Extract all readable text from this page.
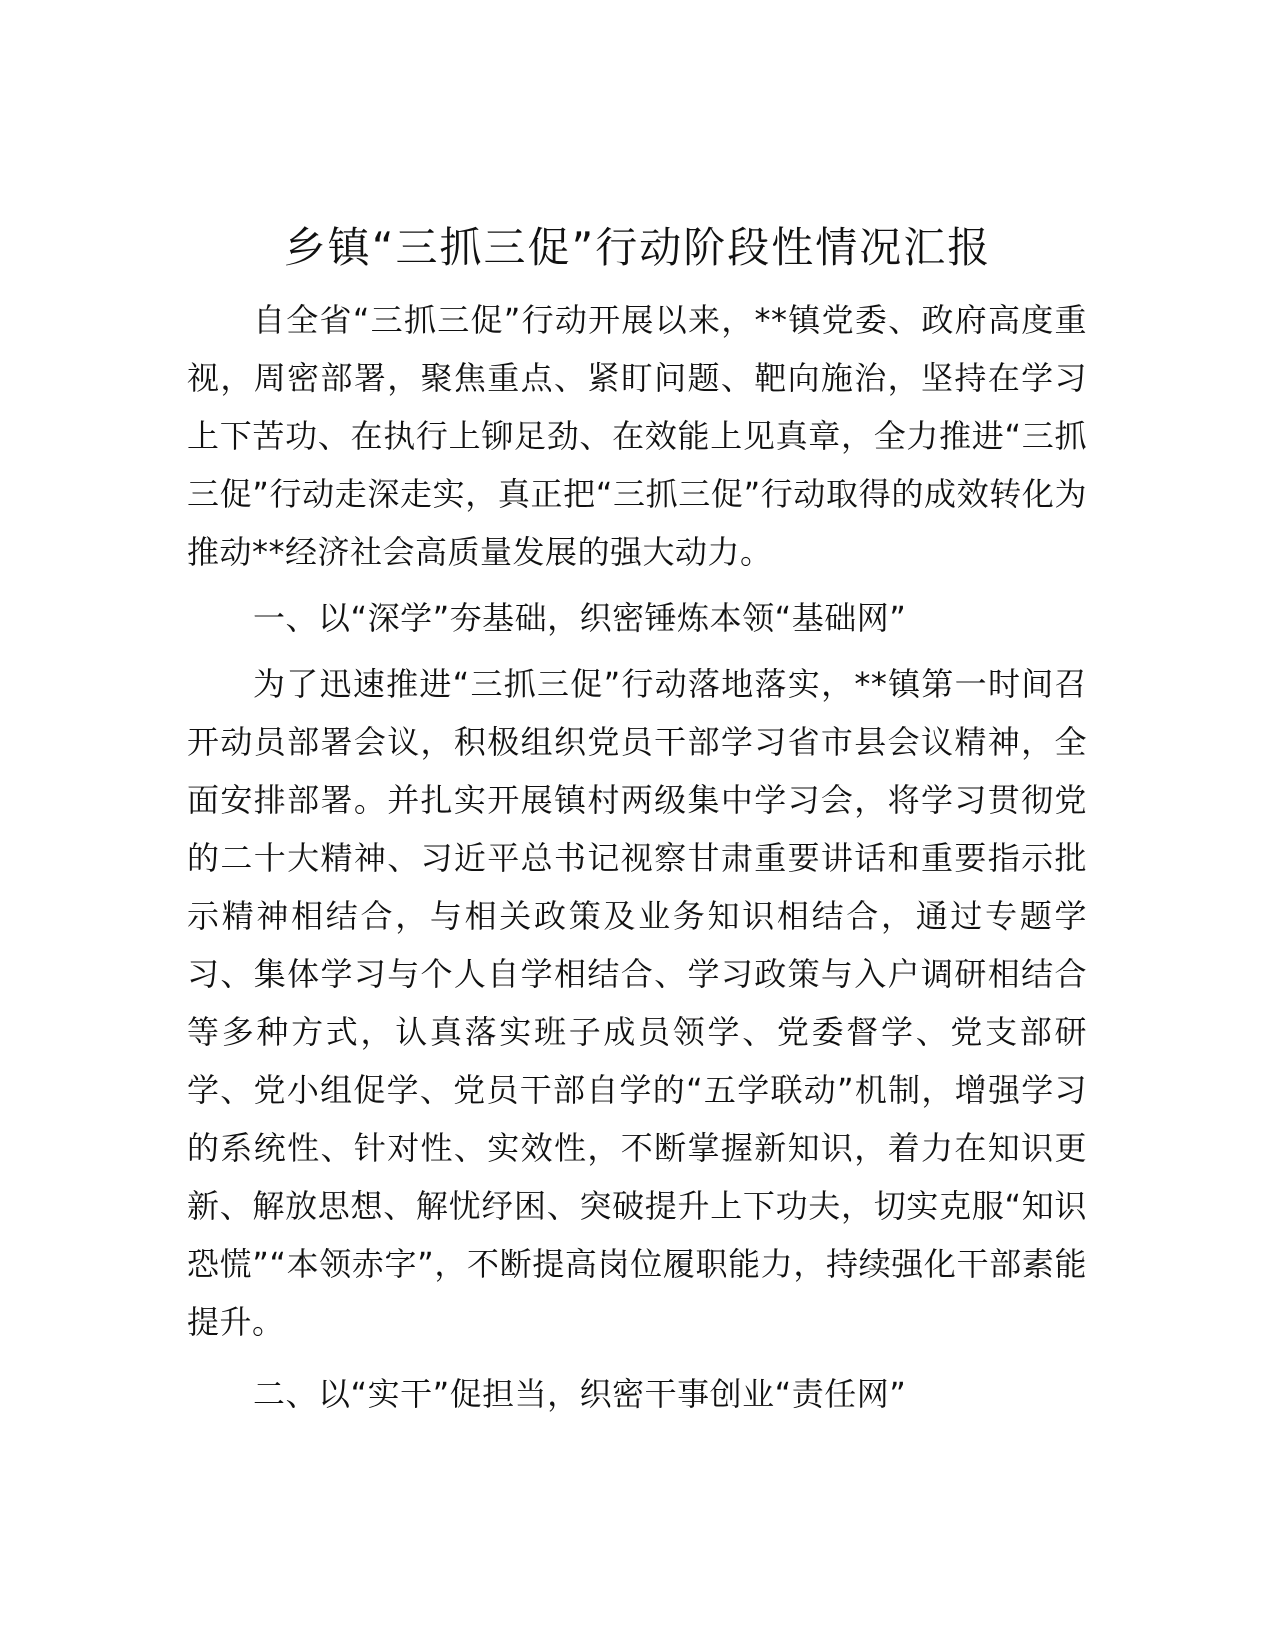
乡镇“三抓三促”行动阶段性情况汇报

自全省“三抓三促”行动开展以来，**镇党委、政府高度重视，周密部署，聚焦重点、紧盯问题、靶向施治，坚持在学习上下苦功、在执行上铆足劲、在效能上见真章，全力推进“三抓三促”行动走深走实，真正把“三抓三促”行动取得的成效转化为推动**经济社会高质量发展的强大动力。

一、以“深学”夯基础，织密锤炼本领“基础网”

为了迅速推进“三抓三促”行动落地落实，**镇第一时间召开动员部署会议，积极组织党员干部学习省市县会议精神，全面安排部署。并扎实开展镇村两级集中学习会，将学习贯彻党的二十大精神、习近平总书记视察甘肃重要讲话和重要指示批示精神相结合，与相关政策及业务知识相结合，通过专题学习、集体学习与个人自学相结合、学习政策与入户调研相结合等多种方式，认真落实班子成员领学、党委督学、党支部研学、党小组促学、党员干部自学的“五学联动”机制，增强学习的系统性、针对性、实效性，不断掌握新知识，着力在知识更新、解放思想、解忧纾困、突破提升上下功夫，切实克服“知识恐慌”“本领赤字”，不断提高岗位履职能力，持续强化干部素能提升。

二、以“实干”促担当，织密干事创业“责任网”
